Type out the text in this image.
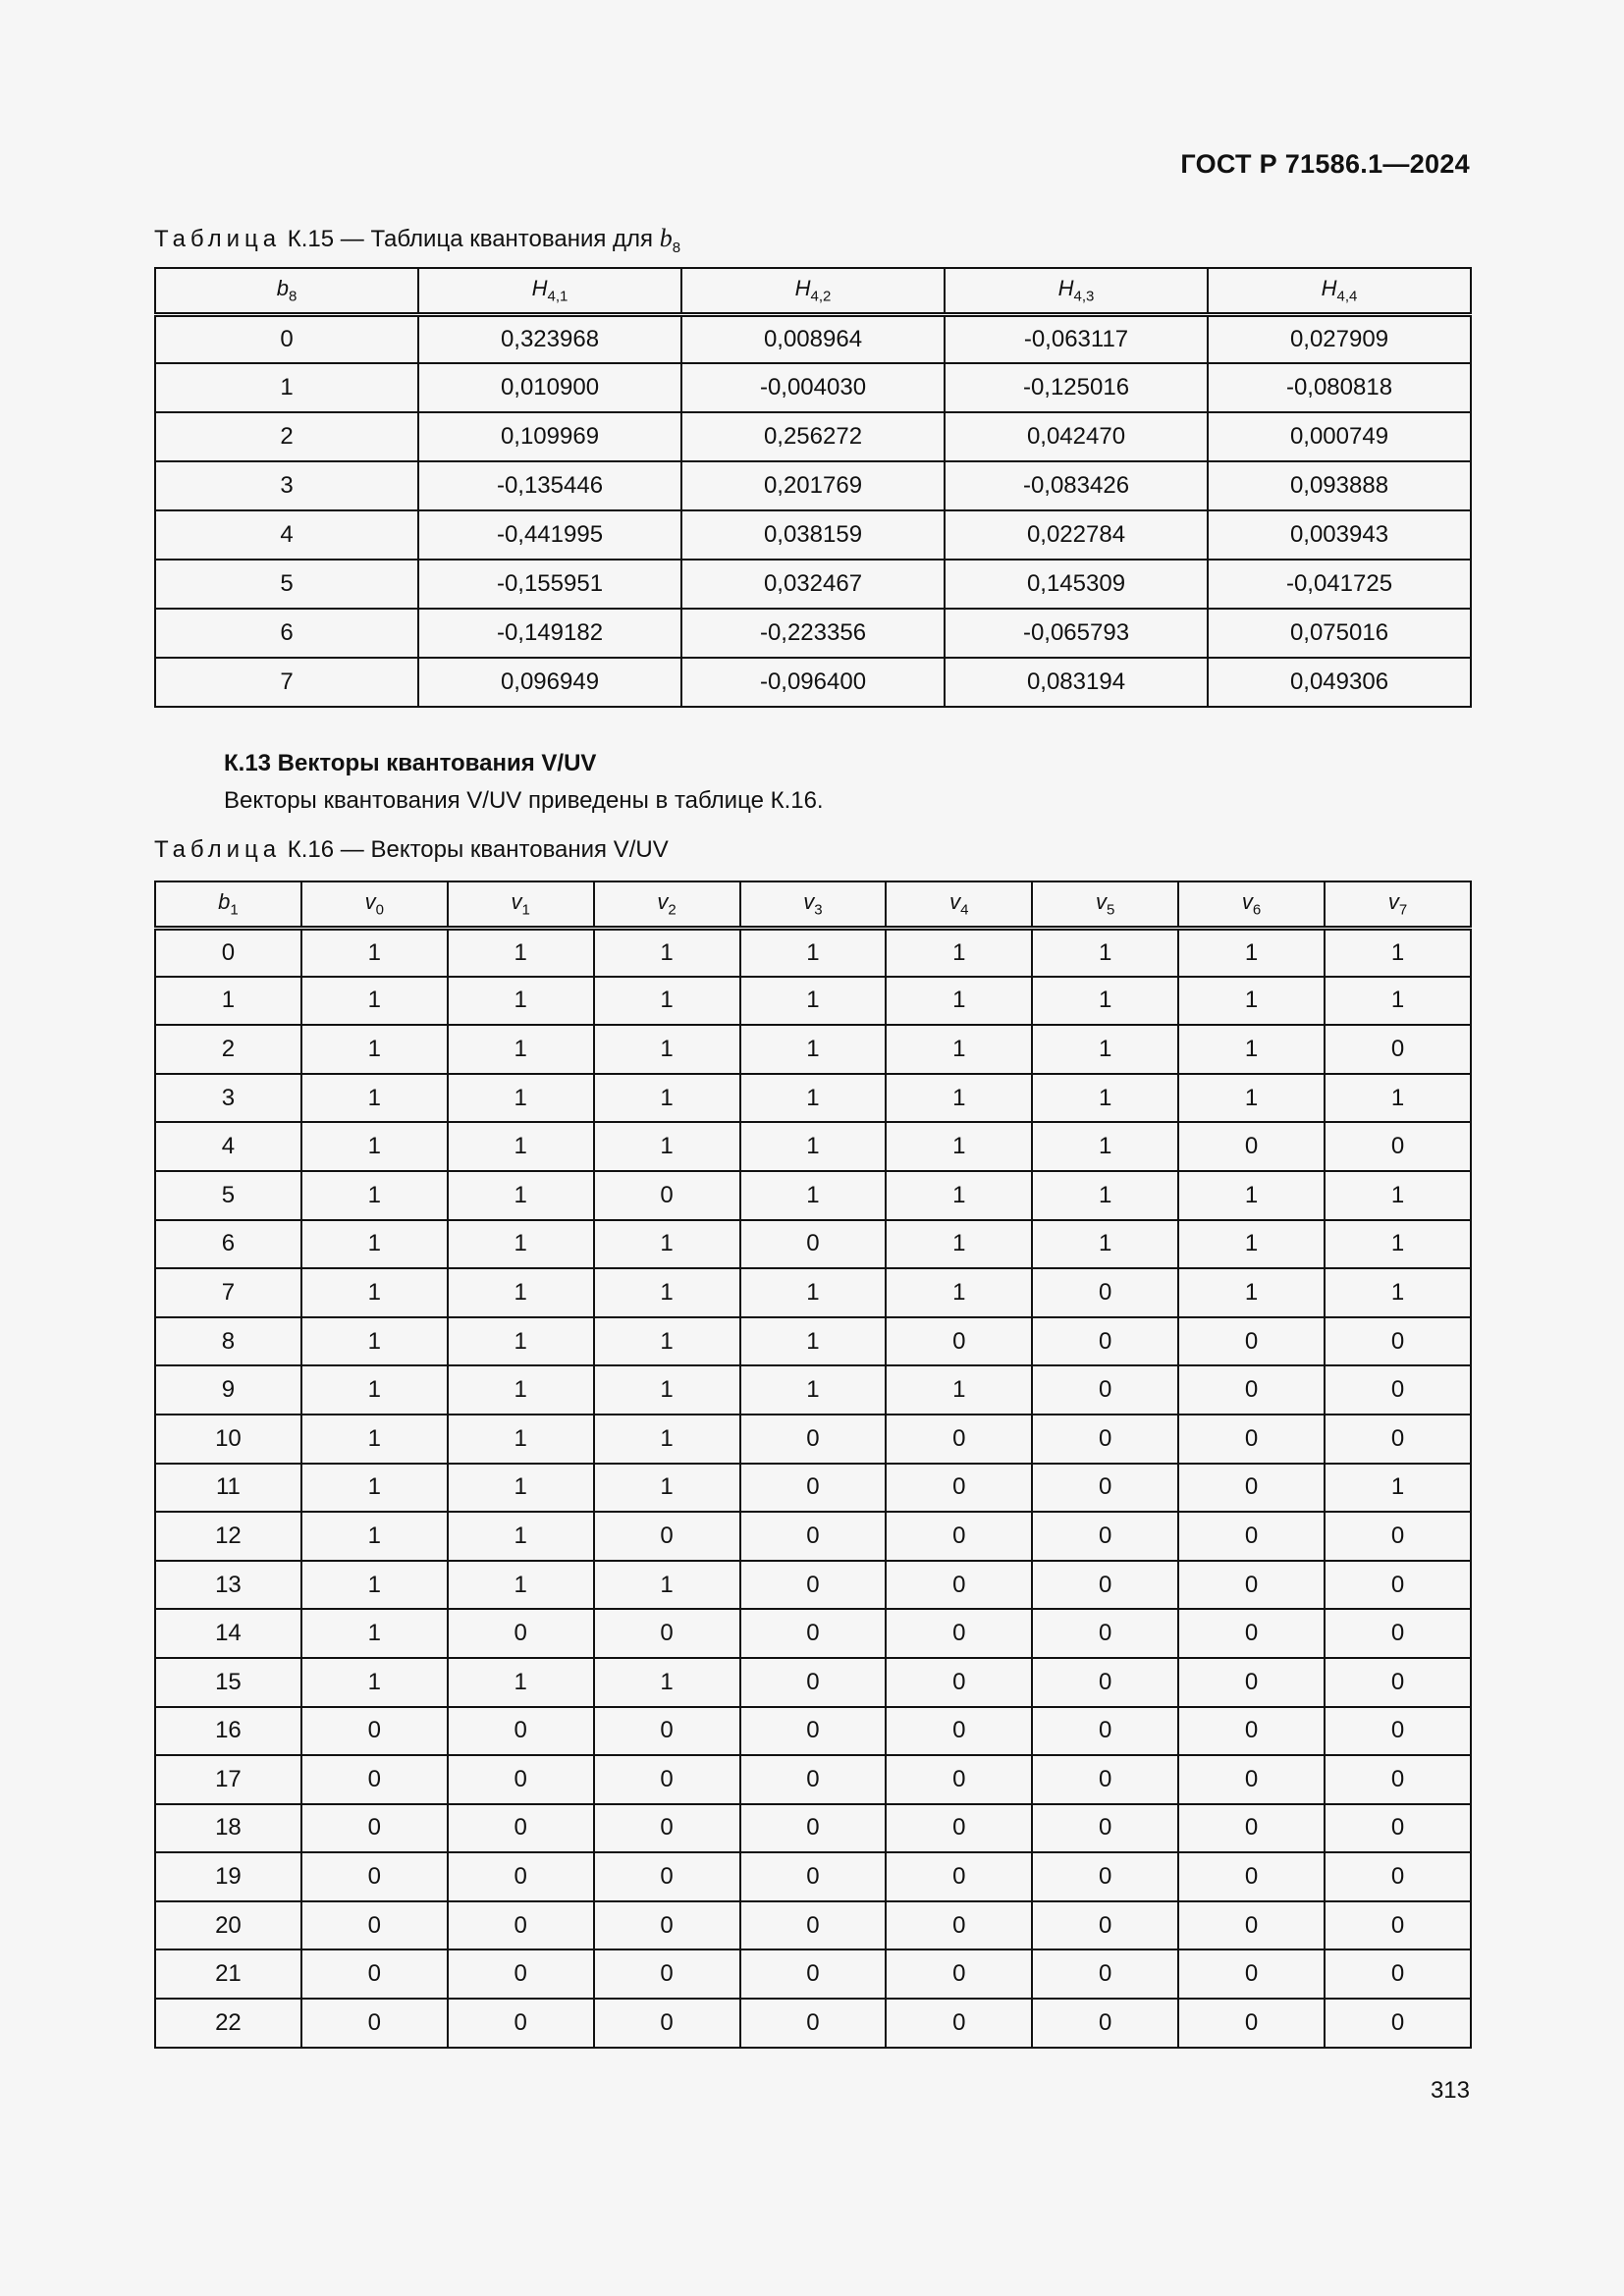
ГОСТ Р 71586.1—2024
Таблица К.15 — Таблица квантования для $b_8$
$b_8$	$H_{4,1}$	$H_{4,2}$	$H_{4,3}$	$H_{4,4}$
0	0,323968	0,008964	-0,063117	0,027909
1	0,010900	-0,004030	-0,125016	-0,080818
2	0,109969	0,256272	0,042470	0,000749
3	-0,135446	0,201769	-0,083426	0,093888
4	-0,441995	0,038159	0,022784	0,003943
5	-0,155951	0,032467	0,145309	-0,041725
6	-0,149182	-0,223356	-0,065793	0,075016
7	0,096949	-0,096400	0,083194	0,049306
К.13 Векторы квантования V/UV
Векторы квантования V/UV приведены в таблице К.16.
Таблица К.16 — Векторы квантования V/UV
$b_1$	$v_0$	$v_1$	$v_2$	$v_3$	$v_4$	$v_5$	$v_6$	$v_7$
0	1	1	1	1	1	1	1	1
1	1	1	1	1	1	1	1	1
2	1	1	1	1	1	1	1	0
3	1	1	1	1	1	1	1	1
4	1	1	1	1	1	1	0	0
5	1	1	0	1	1	1	1	1
6	1	1	1	0	1	1	1	1
7	1	1	1	1	1	0	1	1
8	1	1	1	1	0	0	0	0
9	1	1	1	1	1	0	0	0
10	1	1	1	0	0	0	0	0
11	1	1	1	0	0	0	0	1
12	1	1	0	0	0	0	0	0
13	1	1	1	0	0	0	0	0
14	1	0	0	0	0	0	0	0
15	1	1	1	0	0	0	0	0
16	0	0	0	0	0	0	0	0
17	0	0	0	0	0	0	0	0
18	0	0	0	0	0	0	0	0
19	0	0	0	0	0	0	0	0
20	0	0	0	0	0	0	0	0
21	0	0	0	0	0	0	0	0
22	0	0	0	0	0	0	0	0
313
